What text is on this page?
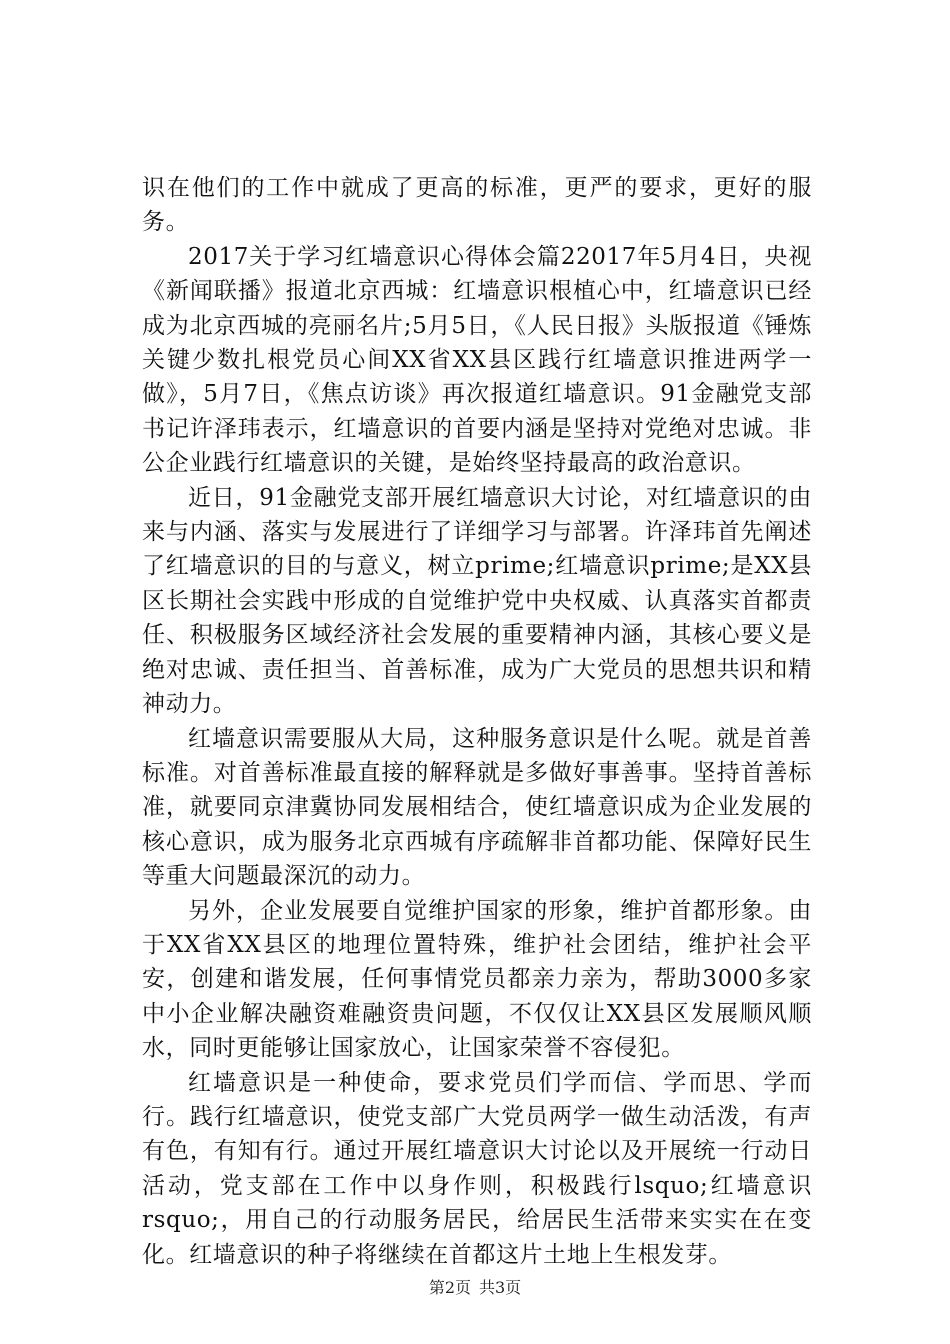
识在他们的工作中就成了更高的标准，更严的要求，更好的服务。

2017关于学习红墙意识心得体会篇22017年5月4日，央视《新闻联播》报道北京西城：红墙意识根植心中，红墙意识已经成为北京西城的亮丽名片;5月5日，《人民日报》头版报道《锤炼关键少数扎根党员心间XX省XX县区践行红墙意识推进两学一做》，5月7日，《焦点访谈》再次报道红墙意识。91金融党支部书记许泽玮表示，红墙意识的首要内涵是坚持对党绝对忠诚。非公企业践行红墙意识的关键，是始终坚持最高的政治意识。

近日，91金融党支部开展红墙意识大讨论，对红墙意识的由来与内涵、落实与发展进行了详细学习与部署。许泽玮首先阐述了红墙意识的目的与意义，树立prime;红墙意识prime;是XX县区长期社会实践中形成的自觉维护党中央权威、认真落实首都责任、积极服务区域经济社会发展的重要精神内涵，其核心要义是绝对忠诚、责任担当、首善标准，成为广大党员的思想共识和精神动力。

红墙意识需要服从大局，这种服务意识是什么呢。就是首善标准。对首善标准最直接的解释就是多做好事善事。坚持首善标准，就要同京津冀协同发展相结合，使红墙意识成为企业发展的核心意识，成为服务北京西城有序疏解非首都功能、保障好民生等重大问题最深沉的动力。

另外，企业发展要自觉维护国家的形象，维护首都形象。由于XX省XX县区的地理位置特殊，维护社会团结，维护社会平安，创建和谐发展，任何事情党员都亲力亲为，帮助3000多家中小企业解决融资难融资贵问题，不仅仅让XX县区发展顺风顺水，同时更能够让国家放心，让国家荣誉不容侵犯。

红墙意识是一种使命，要求党员们学而信、学而思、学而行。践行红墙意识，使党支部广大党员两学一做生动活泼，有声有色，有知有行。通过开展红墙意识大讨论以及开展统一行动日活动，党支部在工作中以身作则，积极践行lsquo;红墙意识rsquo;，用自己的行动服务居民，给居民生活带来实实在在变化。红墙意识的种子将继续在首都这片土地上生根发芽。

第2页 共3页
